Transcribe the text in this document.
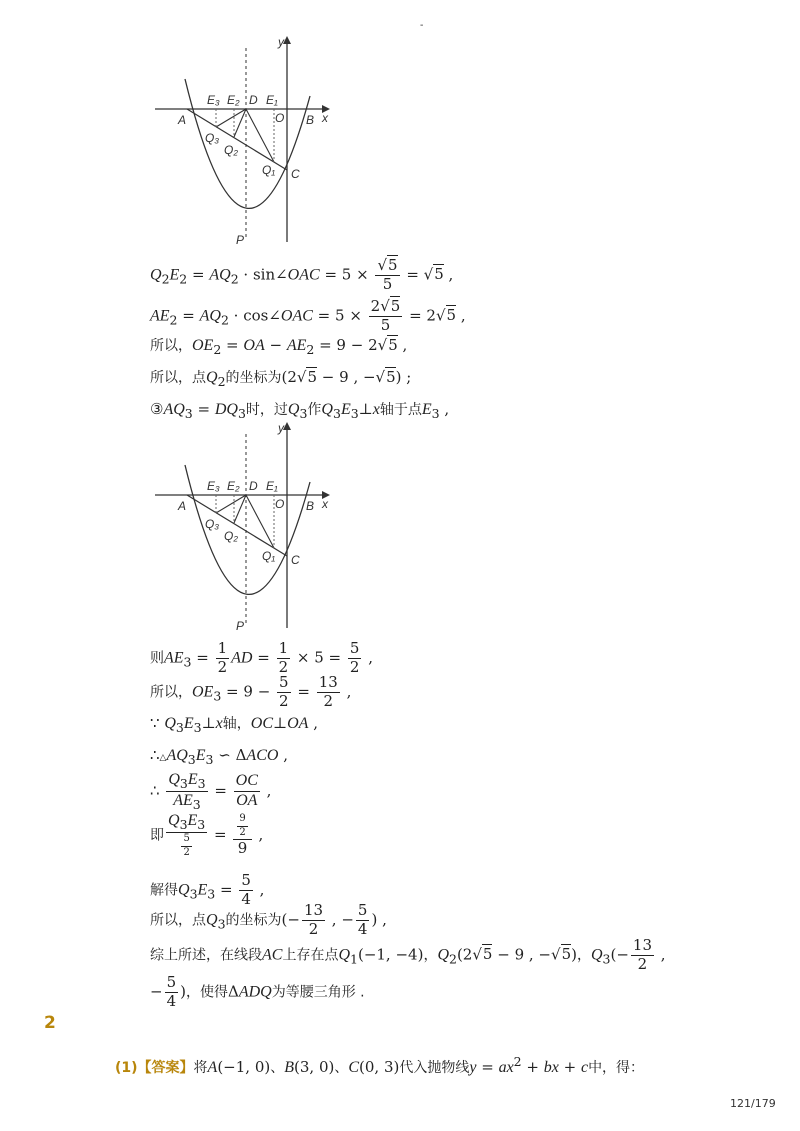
-
y
x
A	B
O
C
D
P
E₃ E₂ E₁
Q₃
Q₂
Q₁
$Q_2E_2 = AQ_2$ · sin∠OAC = $5 \times \frac{√5}{5} = √5$ ,
$AE_2 = AQ_2$ · cos∠OAC = $5 \times \frac{2√5}{5} = 2√5$ ,
所以，$OE_2$ = OA − $AE_2 = 9 - 2√5$ ,
所以，点$Q_2$的坐标为(2√5 − 9 , −√5) ;
$③AQ_3 = DQ_3$时，过$Q_3$作$Q_3E_3\perp x$轴于点$E_3$ ,
y
x
A	B
O
C
D
P
E₃ E₂ E₁
Q₃
Q₂
Q₁
则$AE_3 = \frac{1}{2}$ AD = $\frac{1}{2} \times 5 = \frac{5}{2}$ ,
所以，$OE_3 = 9 - \frac{5}{2} = \frac{13}{2}$ ,
∵ $Q_3E_3\perp x$轴，OC⊥OA ,
$\therefore\triangle AQ_3E_3$ ∽ ΔACO ,
∴ $\frac{Q_3E_3}{AE_3} = \frac{OC}{OA}$ ,
即 $\frac{Q_3E_3}{\frac{5}{2}} = \frac{\frac{9}{2}}{9}$ ,
解得$Q_3E_3 = \frac{5}{4}$ ,
所以，点$Q_3$的坐标为(− $\frac{13}{2}$ , − $\frac{5}{4}$ ) ,
综上所述，在线段AC上存在点$Q_1(-1$, −4)，$Q_2(2√5 - 9$ , −√5)，$Q_3(- \frac{13}{2}$ ,
− $\frac{5}{4}$ )，使得ΔADQ为等腰三角形 .
2
(1)【答案】将A(−1, 0)、B(3, 0)、C(0, 3)代入抛物线$y = ax^2$ + bx + c中，得：
121/179
